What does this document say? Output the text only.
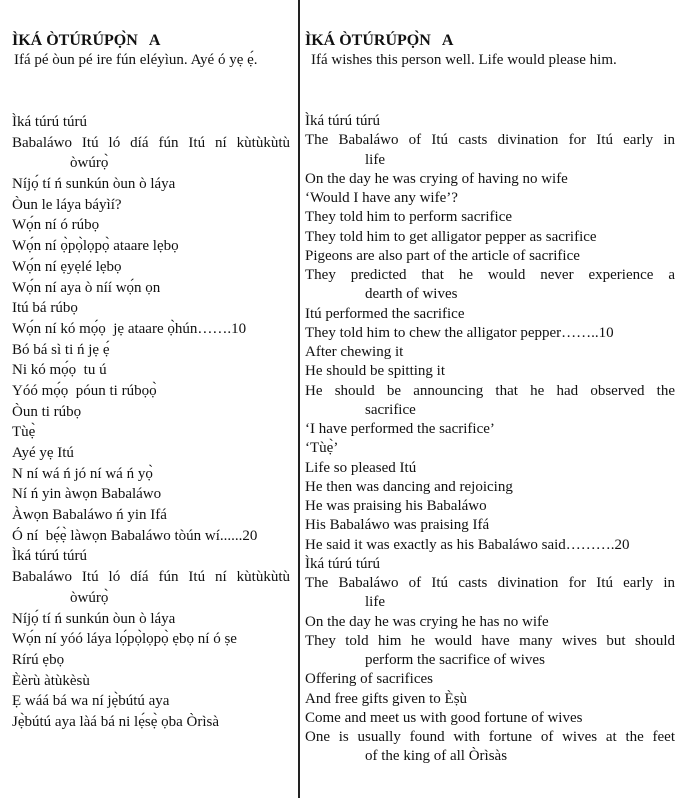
ÌKÁ ÒTÚRÚPỌ̀N   A
Ifá pé òun pé ire fún eléyìun. Ayé ó yẹ ẹ́.
Ìká túrú túrú
Babaláwo Itú ló díá fún Itú ní kùtùkùtù
òwúrọ̀
Níjọ́ tí ń sunkún òun ò láya
Òun le láya báyìí?
Wọ́n ní ó rúbọ
Wọ́n ní ọ̀pọ̀lọpọ̀ ataare lẹbọ
Wọ́n ní ẹyẹlé lẹbọ
Wọ́n ní aya ò níí wọ́n ọn
Itú bá rúbọ
Wọ́n ní kó mọ́ọ  jẹ ataare ọ̀hún…….10
Bó bá sì ti ń jẹ ẹ́
Ni kó mọ́ọ  tu ú
Yóó mọ́ọ  póun ti rúbọọ̀
Òun ti rúbọ
Tùẹ̀
Ayé yẹ Itú
N ní wá ń jó ní wá ń yọ̀
Ní ń yin àwọn Babaláwo
Àwọn Babaláwo ń yin Ifá
Ó ní  bẹ́ẹ̀ làwọn Babaláwo tòún wí......20
Ìká túrú túrú
Babaláwo Itú ló díá fún Itú ní kùtùkùtù
òwúrọ̀
Níjọ́ tí ń sunkún òun ò láya
Wọ́n ní yóó láya lọ́pọ̀lọpọ̀ ẹbọ ní ó ṣe
Rírú ẹbọ
Èèrù àtùkèsù
Ẹ wáá bá wa ní jẹ̀bútú aya
Jẹ̀bútú aya làá bá ni lẹ́sẹ̀ ọba Òrìsà
ÌKÁ ÒTÚRÚPỌ̀N   A
Ifá wishes this person well. Life would please him.
Ìká túrú túrú
The Babaláwo of Itú casts divination for Itú early in
life
On the day he was crying of having no wife
‘Would I have any wife’?
They told him to perform sacrifice
They told him to get alligator pepper as sacrifice
Pigeons are also part of the article of sacrifice
They predicted that he would never experience a
dearth of wives
Itú performed the sacrifice
They told him to chew the alligator pepper……..10
After chewing it
He should be spitting it
He should be announcing that he had observed the
sacrifice
‘I have performed the sacrifice’
‘Tùẹ̀’
Life so pleased Itú
He then was dancing and rejoicing
He was praising his Babaláwo
His Babaláwo was praising Ifá
He said it was exactly as his Babaláwo said……….20
Ìká túrú túrú
The Babaláwo of Itú casts divination for Itú early in
life
On the day he was crying he has no wife
They told him he would have many wives but should
perform the sacrifice of wives
Offering of sacrifices
And free gifts given to Èṣù
Come and meet us with good fortune of wives
One is usually found with fortune of wives at the feet
of the king of all Òrìsàs
